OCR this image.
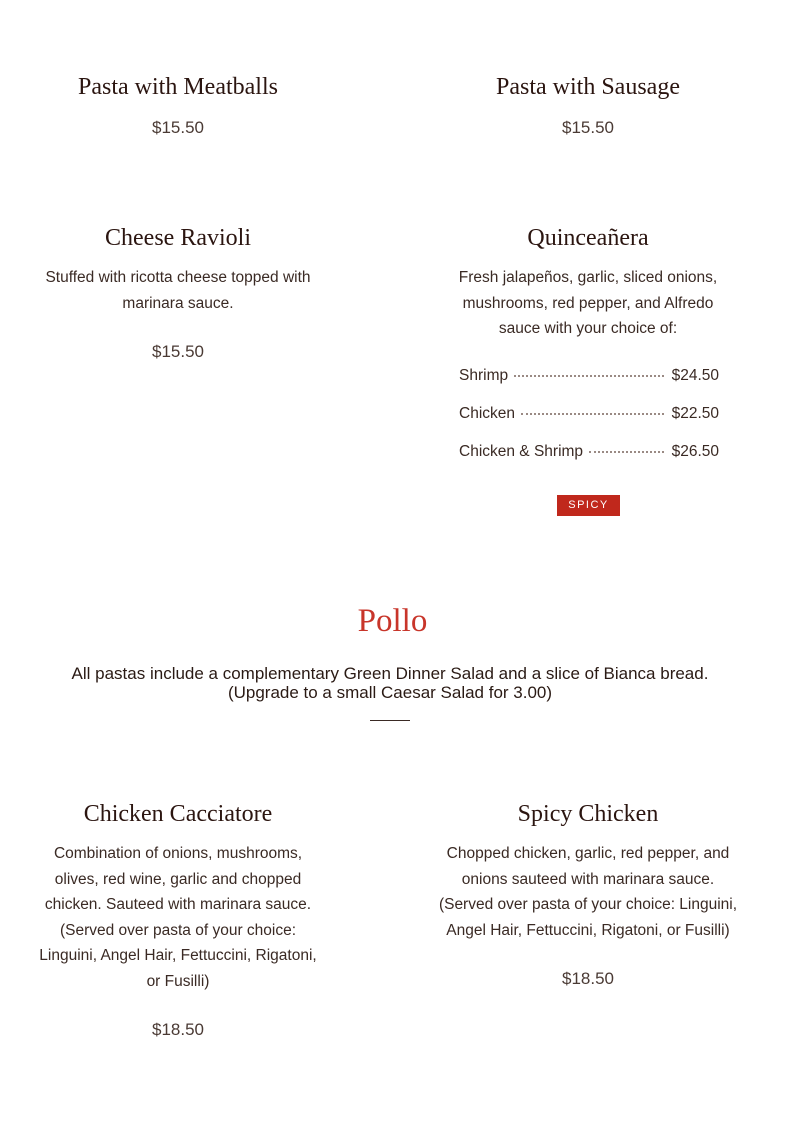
Pasta with Meatballs

$15.50

Pasta with Sausage

$15.50

Cheese Ravioli

Stuffed with ricotta cheese topped with marinara sauce.

$15.50

Quinceañera

Fresh jalapeños, garlic, sliced onions, mushrooms, red pepper, and Alfredo sauce with your choice of:

Shrimp	$24.50
Chicken	$22.50
Chicken & Shrimp	$26.50
SPICY
Pollo

All pastas include a complementary Green Dinner Salad and a slice of Bianca bread.
(Upgrade to a small Caesar Salad for 3.00)

Chicken Cacciatore

Combination of onions, mushrooms, olives, red wine, garlic and chopped chicken. Sauteed with marinara sauce. (Served over pasta of your choice: Linguini, Angel Hair, Fettuccini, Rigatoni, or Fusilli)

$18.50

Spicy Chicken

Chopped chicken, garlic, red pepper, and onions sauteed with marinara sauce. (Served over pasta of your choice: Linguini, Angel Hair, Fettuccini, Rigatoni, or Fusilli)

$18.50
